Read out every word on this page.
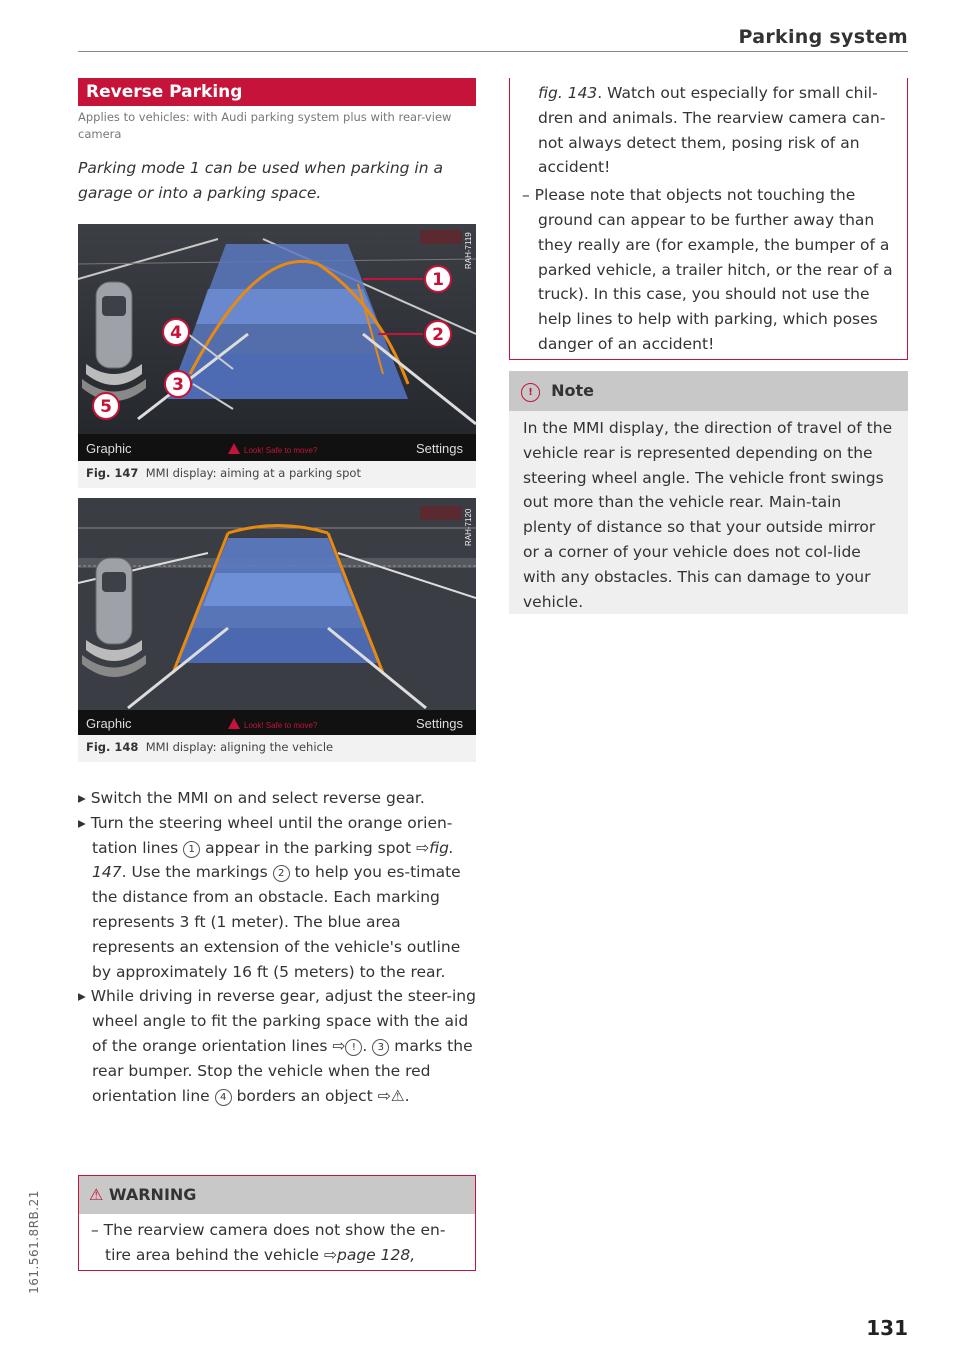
Parking system
Reverse Parking
Applies to vehicles: with Audi parking system plus with rear-view camera
Parking mode 1 can be used when parking in a garage or into a parking space.
1
2
3
4
5
Graphic	Settings
Look! Safe to move?
RAH-7119
Fig. 147 MMI display: aiming at a parking spot
Graphic	Settings
Look! Safe to move?
RAH-7120
Fig. 148 MMI display: aligning the vehicle

▸ Switch the MMI on and select reverse gear.

▸ Turn the steering wheel until the orange orien-tation lines 1 appear in the parking spot ⇨fig. 147. Use the markings 2 to help you es-timate the distance from an obstacle. Each marking represents 3 ft (1 meter). The blue area represents an extension of the vehicle's outline by approximately 16 ft (5 meters) to the rear.

▸ While driving in reverse gear, adjust the steer-ing wheel angle to fit the parking space with the aid of the orange orientation lines ⇨ ! . 3 marks the rear bumper. Stop the vehicle when the red orientation line 4 borders an object ⇨⚠.

⚠ WARNING
– The rearview camera does not show the en-tire area behind the vehicle ⇨page 128,
fig. 143. Watch out especially for small chil-dren and animals. The rearview camera can-not always detect them, posing risk of an accident!
– Please note that objects not touching the ground can appear to be further away than they really are (for example, the bumper of a parked vehicle, a trailer hitch, or the rear of a truck). In this case, you should not use the help lines to help with parking, which poses danger of an accident!
! Note
In the MMI display, the direction of travel of the vehicle rear is represented depending on the steering wheel angle. The vehicle front swings out more than the vehicle rear. Main-tain plenty of distance so that your outside mirror or a corner of your vehicle does not col-lide with any obstacles. This can damage to your vehicle.
131
161.561.8RB.21
